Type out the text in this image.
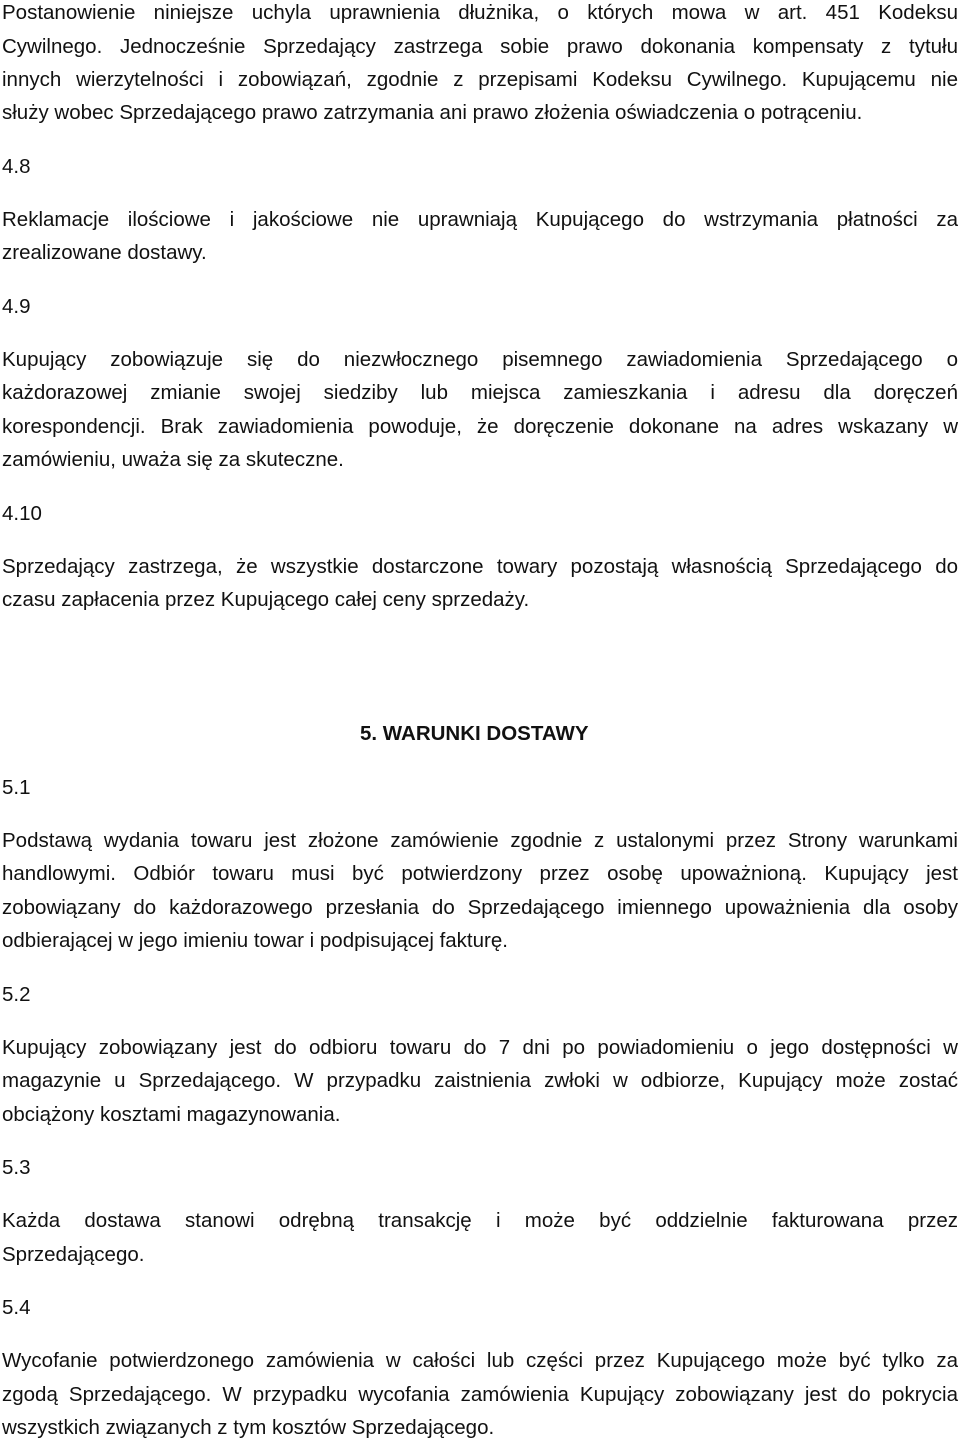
Postanowienie niniejsze uchyla uprawnienia dłużnika, o których mowa w art. 451 Kodeksu
Cywilnego. Jednocześnie Sprzedający zastrzega sobie prawo dokonania kompensaty z tytułu
innych wierzytelności i zobowiązań, zgodnie z przepisami Kodeksu Cywilnego. Kupującemu nie
służy wobec Sprzedającego prawo zatrzymania ani prawo złożenia oświadczenia o potrąceniu.
4.8
Reklamacje ilościowe i jakościowe nie uprawniają Kupującego do wstrzymania płatności za
zrealizowane dostawy.
4.9
Kupujący zobowiązuje się do niezwłocznego pisemnego zawiadomienia Sprzedającego o
każdorazowej zmianie swojej siedziby lub miejsca zamieszkania i adresu dla doręczeń
korespondencji. Brak zawiadomienia powoduje, że doręczenie dokonane na adres wskazany w
zamówieniu, uważa się za skuteczne.
4.10
Sprzedający zastrzega, że wszystkie dostarczone towary pozostają własnością Sprzedającego do
czasu zapłacenia przez Kupującego całej ceny sprzedaży.
5. WARUNKI DOSTAWY
5.1
Podstawą wydania towaru jest złożone zamówienie zgodnie z ustalonymi przez Strony warunkami
handlowymi. Odbiór towaru musi być potwierdzony przez osobę upoważnioną. Kupujący jest
zobowiązany do każdorazowego przesłania do Sprzedającego imiennego upoważnienia dla osoby
odbierającej w jego imieniu towar i podpisującej fakturę.
5.2
Kupujący zobowiązany jest do odbioru towaru do 7 dni po powiadomieniu o jego dostępności w
magazynie u Sprzedającego. W przypadku zaistnienia zwłoki w odbiorze, Kupujący może zostać
obciążony kosztami magazynowania.
5.3
Każda dostawa stanowi odrębną transakcję i może być oddzielnie fakturowana przez
Sprzedającego.
5.4
Wycofanie potwierdzonego zamówienia w całości lub części przez Kupującego może być tylko za
zgodą Sprzedającego. W przypadku wycofania zamówienia Kupujący zobowiązany jest do pokrycia
wszystkich związanych z tym kosztów Sprzedającego.
